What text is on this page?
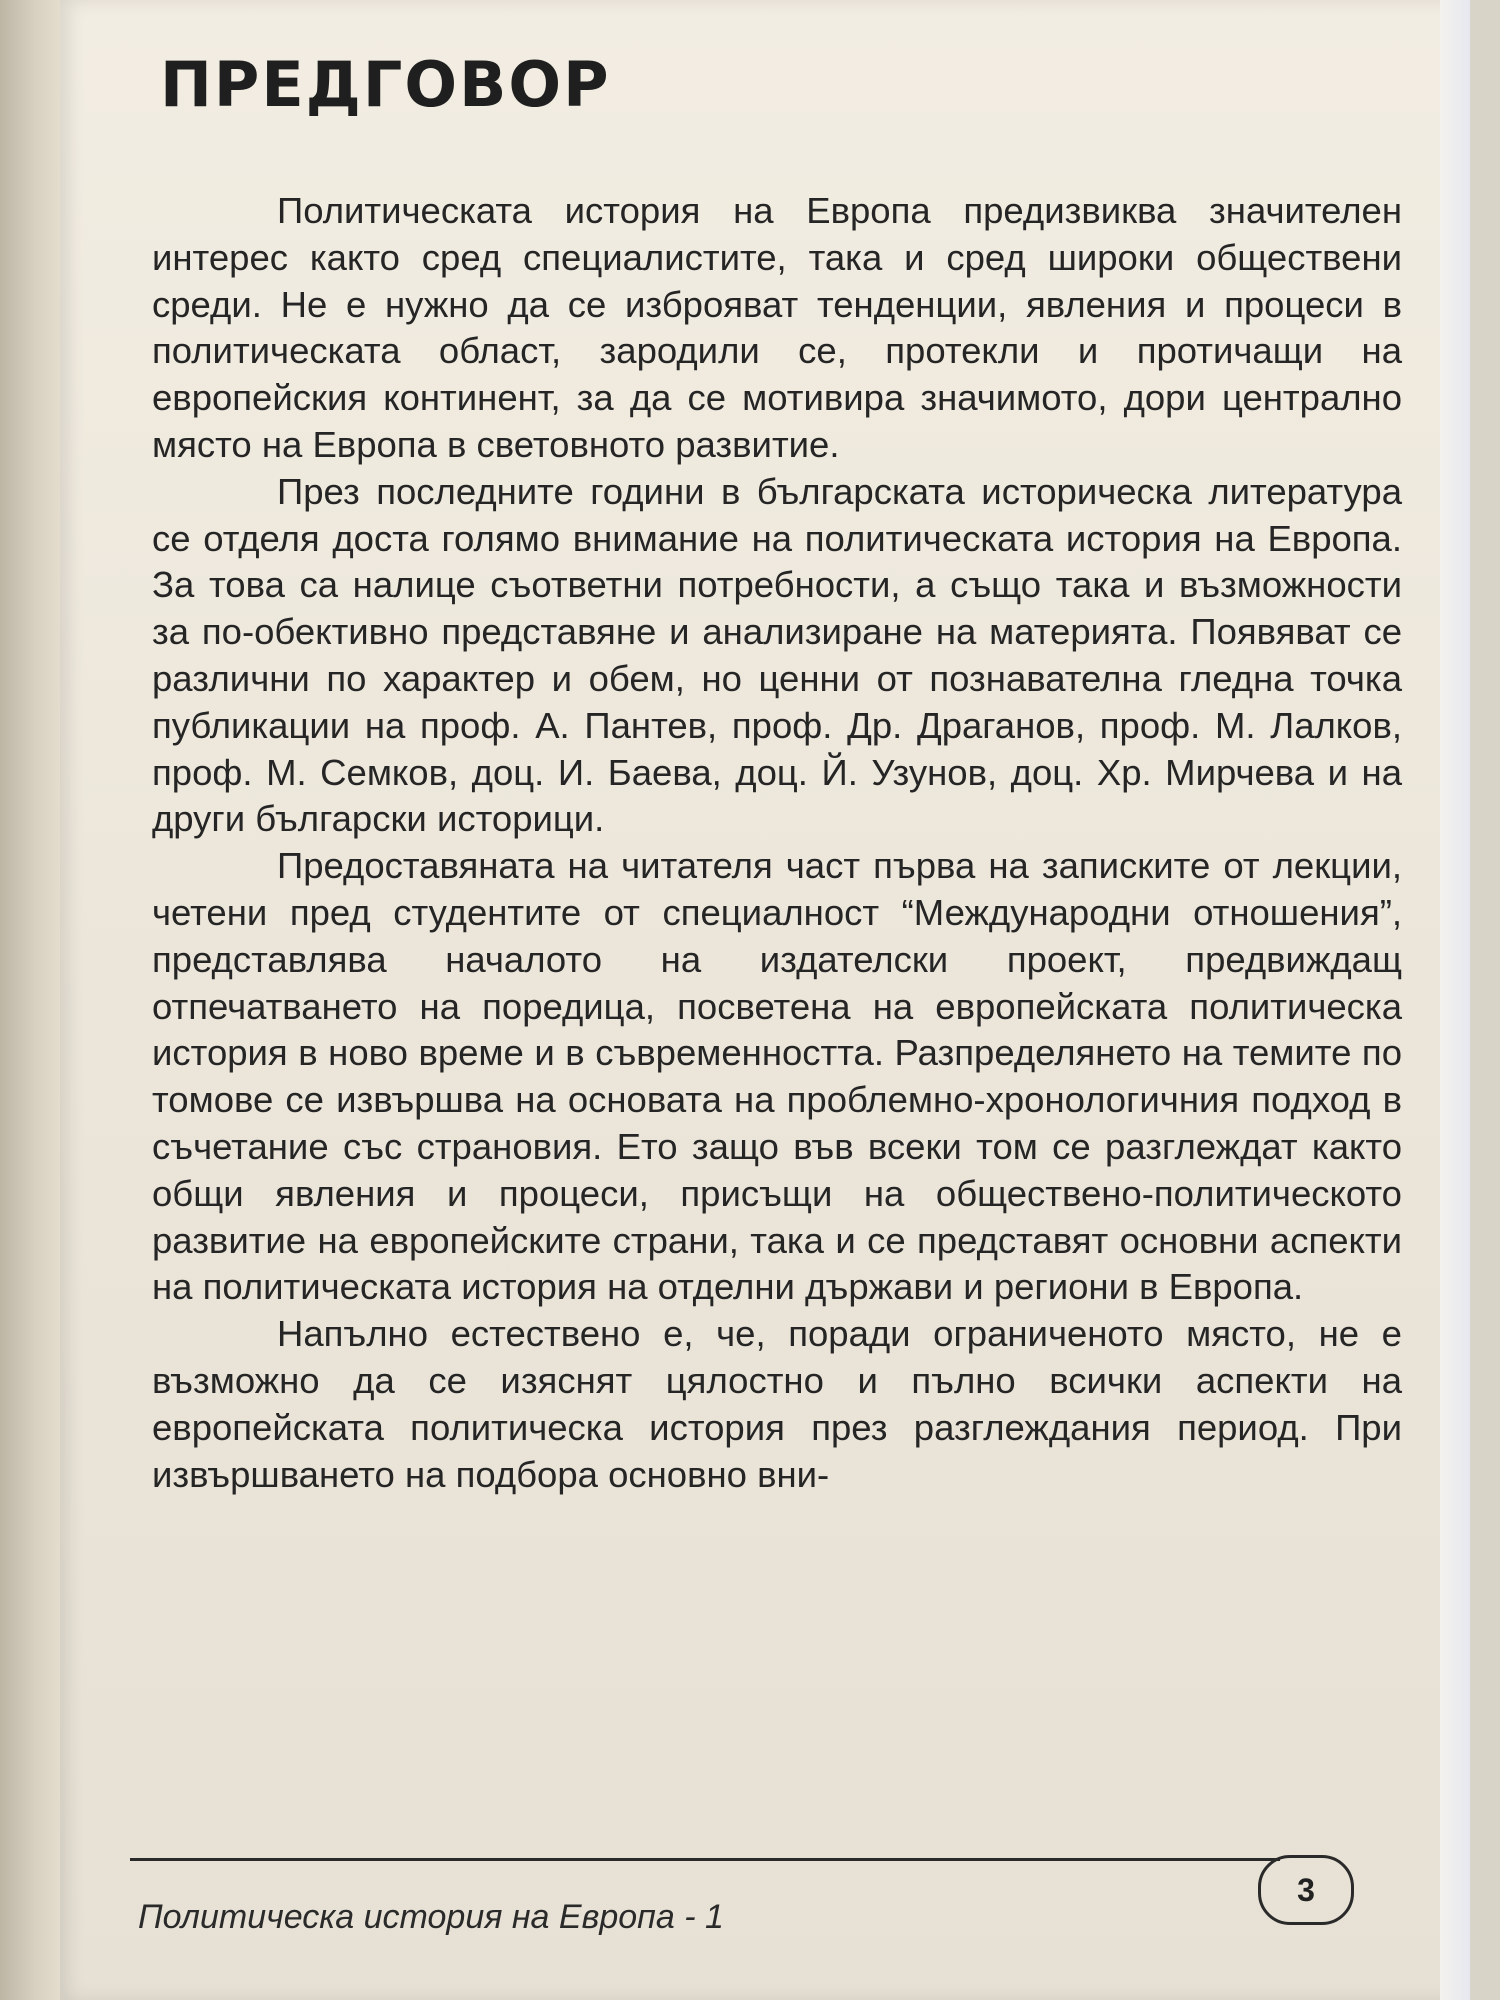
ПРЕДГОВОР

Политическата история на Европа предизвиква значителен интерес както сред специалистите, така и сред широки обществени среди. Не е нужно да се изброяват тенденции, явления и процеси в политическата област, зародили се, протекли и протичащи на европейския континент, за да се мотивира значимото, дори централно място на Европа в световното развитие.

През последните години в българската историческа литература се отделя доста голямо внимание на политическата история на Европа. За това са налице съответни потребности, а също така и възможности за по-обективно представяне и анализиране на материята. Появяват се различни по характер и обем, но ценни от познавателна гледна точка публикации на проф. А. Пантев, проф. Др. Драганов, проф. М. Лалков, проф. М. Семков, доц. И. Баева, доц. Й. Узунов, доц. Хр. Мирчева и на други български историци.

Предоставяната на читателя част първа на записките от лекции, четени пред студентите от специалност “Международни отношения”, представлява началото на издателски проект, предвиждащ отпечатването на поредица, посветена на европейската политическа история в ново време и в съвременността. Разпределянето на темите по томове се извършва на основата на проблемно-хронологичния подход в съчетание със страновия. Ето защо във всеки том се разглеждат както общи явления и процеси, присъщи на обществено-политическото развитие на европейските страни, така и се представят основни аспекти на политическата история на отделни държави и региони в Европа.

Напълно естествено е, че, поради ограниченото място, не е възможно да се изяснят цялостно и пълно всички аспекти на европейската политическа история през разглеждания период. При извършването на подбора основно вни-

Политическа история на Европа - 1
3
